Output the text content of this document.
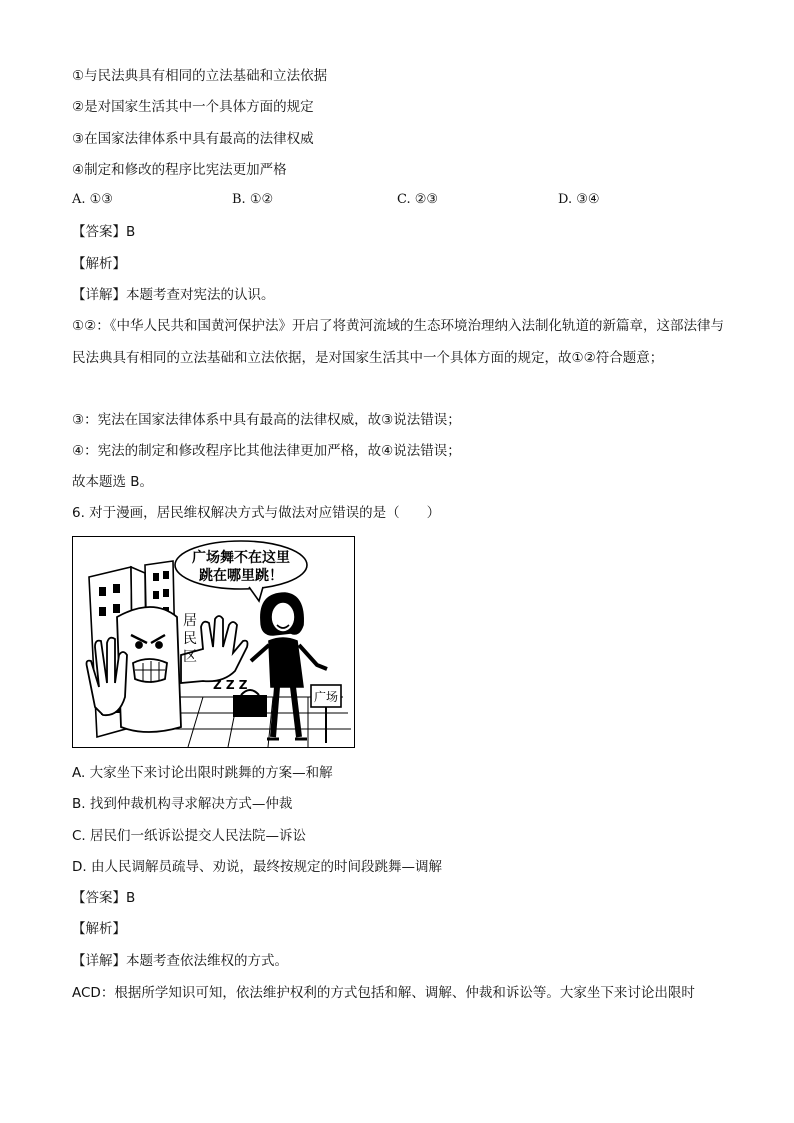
①与民法典具有相同的立法基础和立法依据
②是对国家生活其中一个具体方面的规定
③在国家法律体系中具有最高的法律权威
④制定和修改的程序比宪法更加严格
A. ①③	B. ①②	C. ②③	D. ③④
【答案】B
【解析】
【详解】本题考查对宪法的认识。
①②：《中华人民共和国黄河保护法》开启了将黄河流域的生态环境治理纳入法制化轨道的新篇章，这部法律与民法典具有相同的立法基础和立法依据，是对国家生活其中一个具体方面的规定，故①②符合题意；
③：宪法在国家法律体系中具有最高的法律权威，故③说法错误；
④：宪法的制定和修改程序比其他法律更加严格，故④说法错误；
故本题选 B。
6. 对于漫画，居民维权解决方式与做法对应错误的是（　　）
居
民
区
广场舞不在这里
跳在哪里跳！
Z Z Z
广场
A. 大家坐下来讨论出限时跳舞的方案—和解
B. 找到仲裁机构寻求解决方式—仲裁
C. 居民们一纸诉讼提交人民法院—诉讼
D. 由人民调解员疏导、劝说，最终按规定的时间段跳舞—调解
【答案】B
【解析】
【详解】本题考查依法维权的方式。
ACD：根据所学知识可知，依法维护权利的方式包括和解、调解、仲裁和诉讼等。大家坐下来讨论出限时
